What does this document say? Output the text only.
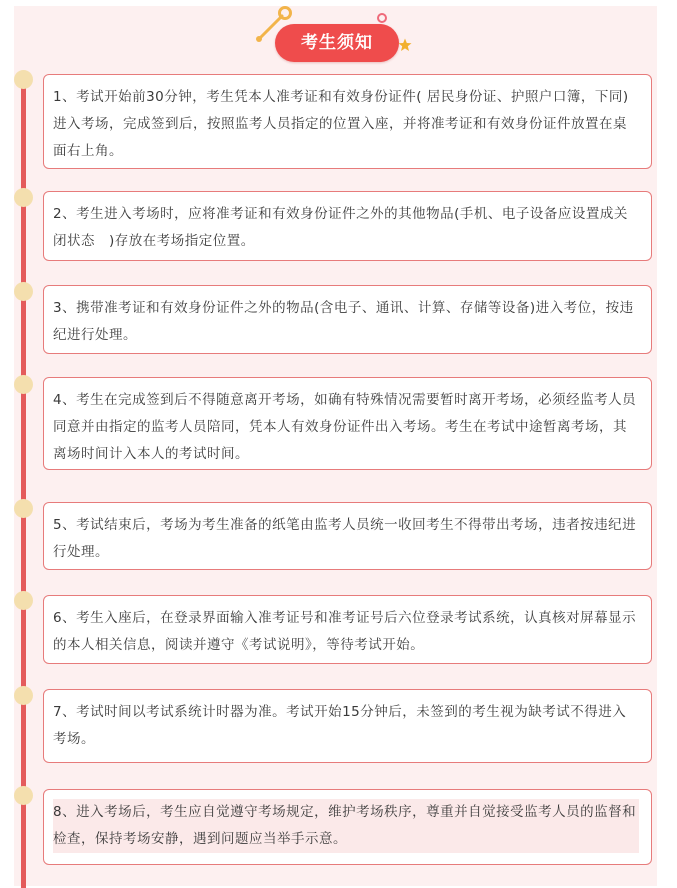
考生须知

1、考试开始前30分钟，考生凭本人准考证和有效身份证件( 居民身份证、护照户口簿，下同)进入考场，完成签到后，按照监考人员指定的位置入座，并将准考证和有效身份证件放置在桌面右上角。

2、考生进入考场时，应将准考证和有效身份证件之外的其他物品(手机、电子设备应设置成关闭状态　)存放在考场指定位置。

3、携带准考证和有效身份证件之外的物品(含电子、通讯、计算、存储等设备)进入考位，按违纪进行处理。

4、考生在完成签到后不得随意离开考场，如确有特殊情况需要暂时离开考场，必须经监考人员同意并由指定的监考人员陪同，凭本人有效身份证件出入考场。考生在考试中途暂离考场，其离场时间计入本人的考试时间。

5、考试结束后，考场为考生准备的纸笔由监考人员统一收回考生不得带出考场，违者按违纪进行处理。

6、考生入座后，在登录界面输入准考证号和准考证号后六位登录考试系统，认真核对屏幕显示的本人相关信息，阅读并遵守《考试说明》，等待考试开始。

7、考试时间以考试系统计时器为准。考试开始15分钟后，未签到的考生视为缺考试不得进入考场。

8、进入考场后，考生应自觉遵守考场规定，维护考场秩序，尊重并自觉接受监考人员的监督和检查，保持考场安静，遇到问题应当举手示意。
